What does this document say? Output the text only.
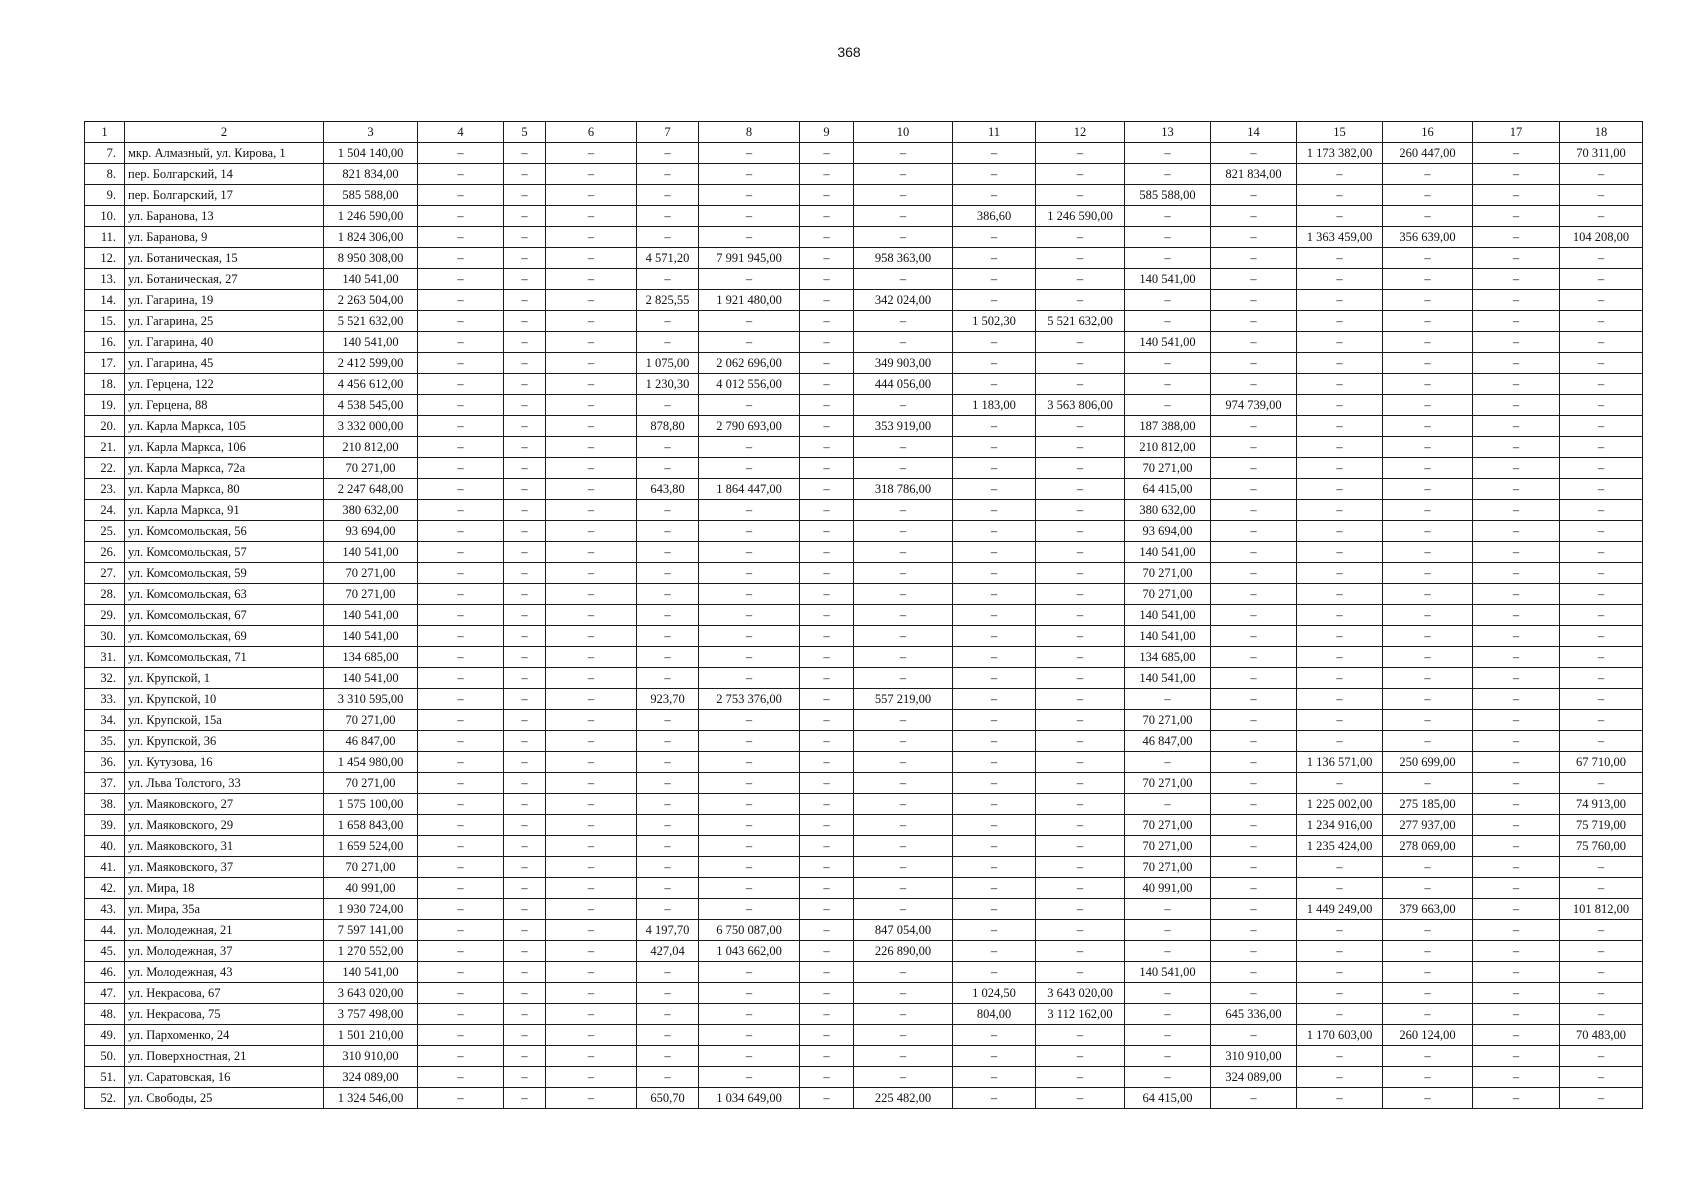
368
1	2	3	4	5	6	7	8	9	10	11	12	13	14	15	16	17	18
7.	мкр. Алмазный, ул. Кирова, 1	1 504 140,00	–	–	–	–	–	–	–	–	–	–	–	1 173 382,00	260 447,00	–	70 311,00
8.	пер. Болгарский, 14	821 834,00	–	–	–	–	–	–	–	–	–	–	821 834,00	–	–	–	–
9.	пер. Болгарский, 17	585 588,00	–	–	–	–	–	–	–	–	–	585 588,00	–	–	–	–	–
10.	ул. Баранова, 13	1 246 590,00	–	–	–	–	–	–	–	386,60	1 246 590,00	–	–	–	–	–	–
11.	ул. Баранова, 9	1 824 306,00	–	–	–	–	–	–	–	–	–	–	–	1 363 459,00	356 639,00	–	104 208,00
12.	ул. Ботаническая, 15	8 950 308,00	–	–	–	4 571,20	7 991 945,00	–	958 363,00	–	–	–	–	–	–	–	–
13.	ул. Ботаническая, 27	140 541,00	–	–	–	–	–	–	–	–	–	140 541,00	–	–	–	–	–
14.	ул. Гагарина, 19	2 263 504,00	–	–	–	2 825,55	1 921 480,00	–	342 024,00	–	–	–	–	–	–	–	–
15.	ул. Гагарина, 25	5 521 632,00	–	–	–	–	–	–	–	1 502,30	5 521 632,00	–	–	–	–	–	–
16.	ул. Гагарина, 40	140 541,00	–	–	–	–	–	–	–	–	–	140 541,00	–	–	–	–	–
17.	ул. Гагарина, 45	2 412 599,00	–	–	–	1 075,00	2 062 696,00	–	349 903,00	–	–	–	–	–	–	–	–
18.	ул. Герцена, 122	4 456 612,00	–	–	–	1 230,30	4 012 556,00	–	444 056,00	–	–	–	–	–	–	–	–
19.	ул. Герцена, 88	4 538 545,00	–	–	–	–	–	–	–	1 183,00	3 563 806,00	–	974 739,00	–	–	–	–
20.	ул. Карла Маркса, 105	3 332 000,00	–	–	–	878,80	2 790 693,00	–	353 919,00	–	–	187 388,00	–	–	–	–	–
21.	ул. Карла Маркса, 106	210 812,00	–	–	–	–	–	–	–	–	–	210 812,00	–	–	–	–	–
22.	ул. Карла Маркса, 72а	70 271,00	–	–	–	–	–	–	–	–	–	70 271,00	–	–	–	–	–
23.	ул. Карла Маркса, 80	2 247 648,00	–	–	–	643,80	1 864 447,00	–	318 786,00	–	–	64 415,00	–	–	–	–	–
24.	ул. Карла Маркса, 91	380 632,00	–	–	–	–	–	–	–	–	–	380 632,00	–	–	–	–	–
25.	ул. Комсомольская, 56	93 694,00	–	–	–	–	–	–	–	–	–	93 694,00	–	–	–	–	–
26.	ул. Комсомольская, 57	140 541,00	–	–	–	–	–	–	–	–	–	140 541,00	–	–	–	–	–
27.	ул. Комсомольская, 59	70 271,00	–	–	–	–	–	–	–	–	–	70 271,00	–	–	–	–	–
28.	ул. Комсомольская, 63	70 271,00	–	–	–	–	–	–	–	–	–	70 271,00	–	–	–	–	–
29.	ул. Комсомольская, 67	140 541,00	–	–	–	–	–	–	–	–	–	140 541,00	–	–	–	–	–
30.	ул. Комсомольская, 69	140 541,00	–	–	–	–	–	–	–	–	–	140 541,00	–	–	–	–	–
31.	ул. Комсомольская, 71	134 685,00	–	–	–	–	–	–	–	–	–	134 685,00	–	–	–	–	–
32.	ул. Крупской, 1	140 541,00	–	–	–	–	–	–	–	–	–	140 541,00	–	–	–	–	–
33.	ул. Крупской, 10	3 310 595,00	–	–	–	923,70	2 753 376,00	–	557 219,00	–	–	–	–	–	–	–	–
34.	ул. Крупской, 15а	70 271,00	–	–	–	–	–	–	–	–	–	70 271,00	–	–	–	–	–
35.	ул. Крупской, 36	46 847,00	–	–	–	–	–	–	–	–	–	46 847,00	–	–	–	–	–
36.	ул. Кутузова, 16	1 454 980,00	–	–	–	–	–	–	–	–	–	–	–	1 136 571,00	250 699,00	–	67 710,00
37.	ул. Льва Толстого, 33	70 271,00	–	–	–	–	–	–	–	–	–	70 271,00	–	–	–	–	–
38.	ул. Маяковского, 27	1 575 100,00	–	–	–	–	–	–	–	–	–	–	–	1 225 002,00	275 185,00	–	74 913,00
39.	ул. Маяковского, 29	1 658 843,00	–	–	–	–	–	–	–	–	–	70 271,00	–	1 234 916,00	277 937,00	–	75 719,00
40.	ул. Маяковского, 31	1 659 524,00	–	–	–	–	–	–	–	–	–	70 271,00	–	1 235 424,00	278 069,00	–	75 760,00
41.	ул. Маяковского, 37	70 271,00	–	–	–	–	–	–	–	–	–	70 271,00	–	–	–	–	–
42.	ул. Мира, 18	40 991,00	–	–	–	–	–	–	–	–	–	40 991,00	–	–	–	–	–
43.	ул. Мира, 35а	1 930 724,00	–	–	–	–	–	–	–	–	–	–	–	1 449 249,00	379 663,00	–	101 812,00
44.	ул. Молодежная, 21	7 597 141,00	–	–	–	4 197,70	6 750 087,00	–	847 054,00	–	–	–	–	–	–	–	–
45.	ул. Молодежная, 37	1 270 552,00	–	–	–	427,04	1 043 662,00	–	226 890,00	–	–	–	–	–	–	–	–
46.	ул. Молодежная, 43	140 541,00	–	–	–	–	–	–	–	–	–	140 541,00	–	–	–	–	–
47.	ул. Некрасова, 67	3 643 020,00	–	–	–	–	–	–	–	1 024,50	3 643 020,00	–	–	–	–	–	–
48.	ул. Некрасова, 75	3 757 498,00	–	–	–	–	–	–	–	804,00	3 112 162,00	–	645 336,00	–	–	–	–
49.	ул. Пархоменко, 24	1 501 210,00	–	–	–	–	–	–	–	–	–	–	–	1 170 603,00	260 124,00	–	70 483,00
50.	ул. Поверхностная, 21	310 910,00	–	–	–	–	–	–	–	–	–	–	310 910,00	–	–	–	–
51.	ул. Саратовская, 16	324 089,00	–	–	–	–	–	–	–	–	–	–	324 089,00	–	–	–	–
52.	ул. Свободы, 25	1 324 546,00	–	–	–	650,70	1 034 649,00	–	225 482,00	–	–	64 415,00	–	–	–	–	–
